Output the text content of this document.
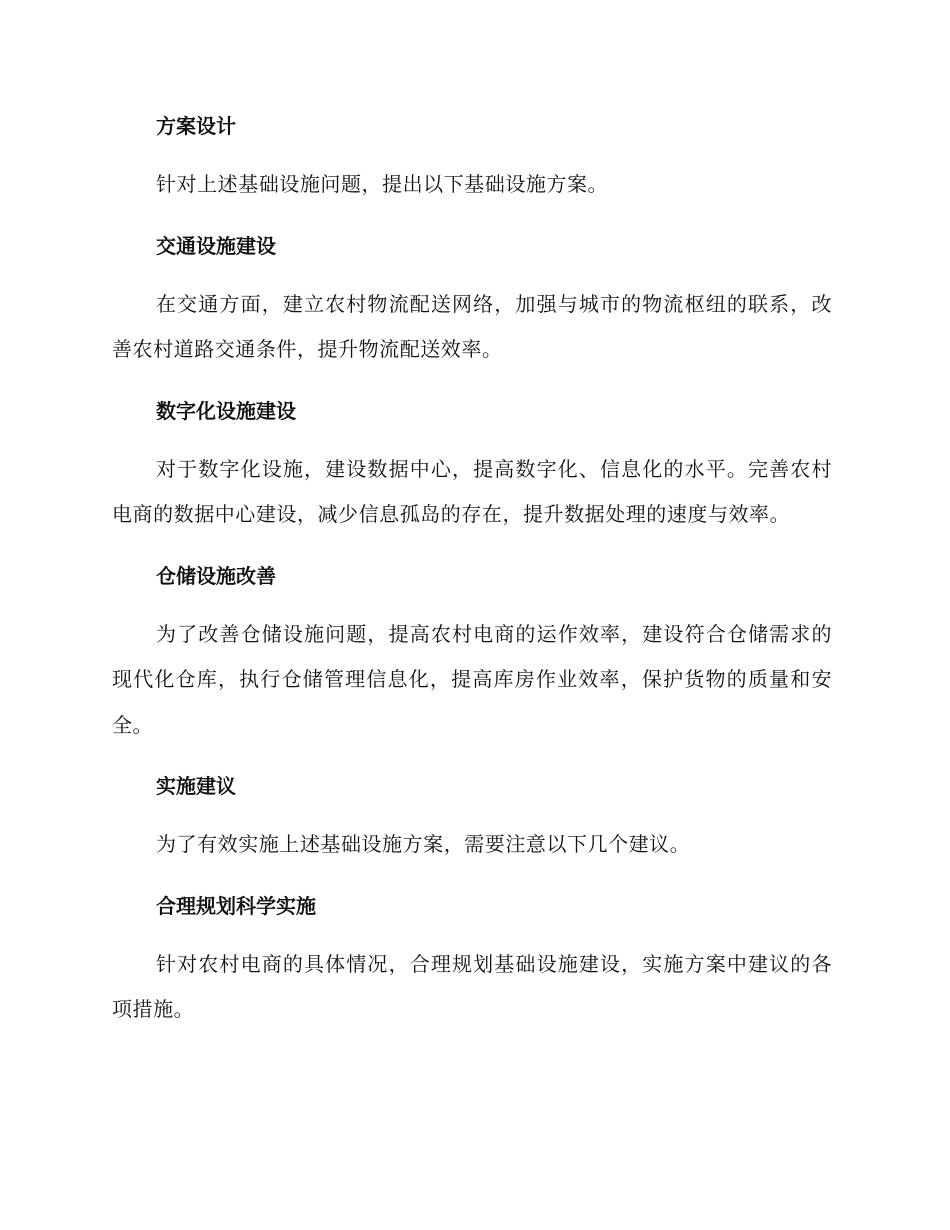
方案设计

针对上述基础设施问题，提出以下基础设施方案。

交通设施建设

在交通方面，建立农村物流配送网络，加强与城市的物流枢纽的联系，改善农村道路交通条件，提升物流配送效率。

数字化设施建设

对于数字化设施，建设数据中心，提高数字化、信息化的水平。完善农村电商的数据中心建设，减少信息孤岛的存在，提升数据处理的速度与效率。

仓储设施改善

为了改善仓储设施问题，提高农村电商的运作效率，建设符合仓储需求的现代化仓库，执行仓储管理信息化，提高库房作业效率，保护货物的质量和安全。

实施建议

为了有效实施上述基础设施方案，需要注意以下几个建议。

合理规划科学实施

针对农村电商的具体情况，合理规划基础设施建设，实施方案中建议的各项措施。
